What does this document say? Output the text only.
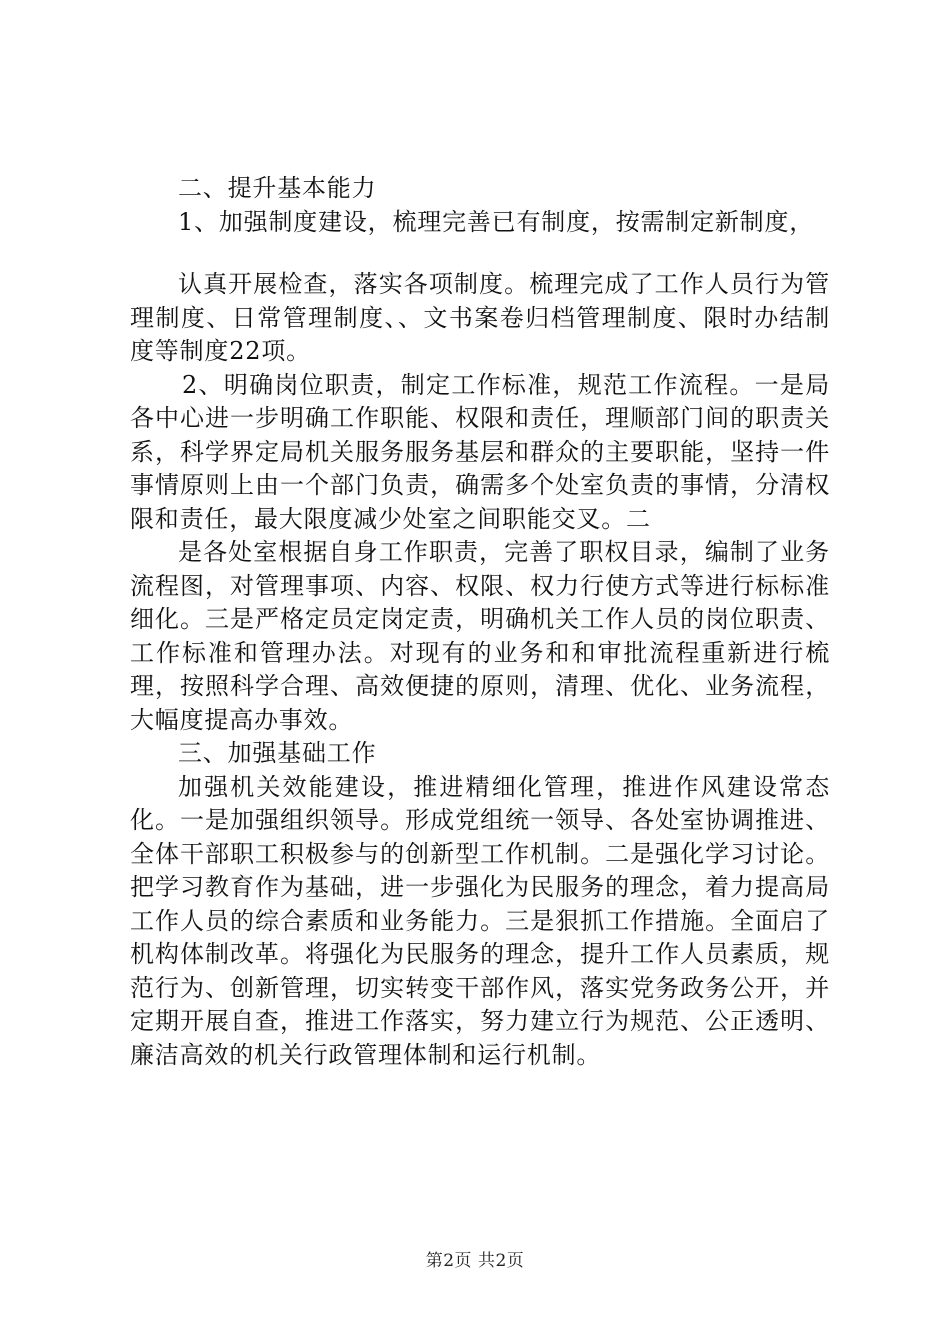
二、提升基本能力

1、加强制度建设，梳理完善已有制度，按需制定新制度，

认真开展检查，落实各项制度。梳理完成了工作人员行为管理制度、日常管理制度、、文书案卷归档管理制度、限时办结制度等制度22项。

2、明确岗位职责，制定工作标准，规范工作流程。一是局各中心进一步明确工作职能、权限和责任，理顺部门间的职责关系，科学界定局机关服务服务基层和群众的主要职能，坚持一件事情原则上由一个部门负责，确需多个处室负责的事情，分清权限和责任，最大限度减少处室之间职能交叉。二

是各处室根据自身工作职责，完善了职权目录，编制了业务流程图，对管理事项、内容、权限、权力行使方式等进行标标准细化。三是严格定员定岗定责，明确机关工作人员的岗位职责、工作标准和管理办法。对现有的业务和和审批流程重新进行梳理，按照科学合理、高效便捷的原则，清理、优化、业务流程，大幅度提高办事效。

三、加强基础工作

加强机关效能建设，推进精细化管理，推进作风建设常态化。一是加强组织领导。形成党组统一领导、各处室协调推进、全体干部职工积极参与的创新型工作机制。二是强化学习讨论。把学习教育作为基础，进一步强化为民服务的理念，着力提高局工作人员的综合素质和业务能力。三是狠抓工作措施。全面启了机构体制改革。将强化为民服务的理念，提升工作人员素质，规范行为、创新管理，切实转变干部作风，落实党务政务公开，并定期开展自查，推进工作落实，努力建立行为规范、公正透明、廉洁高效的机关行政管理体制和运行机制。

第2页 共2页
